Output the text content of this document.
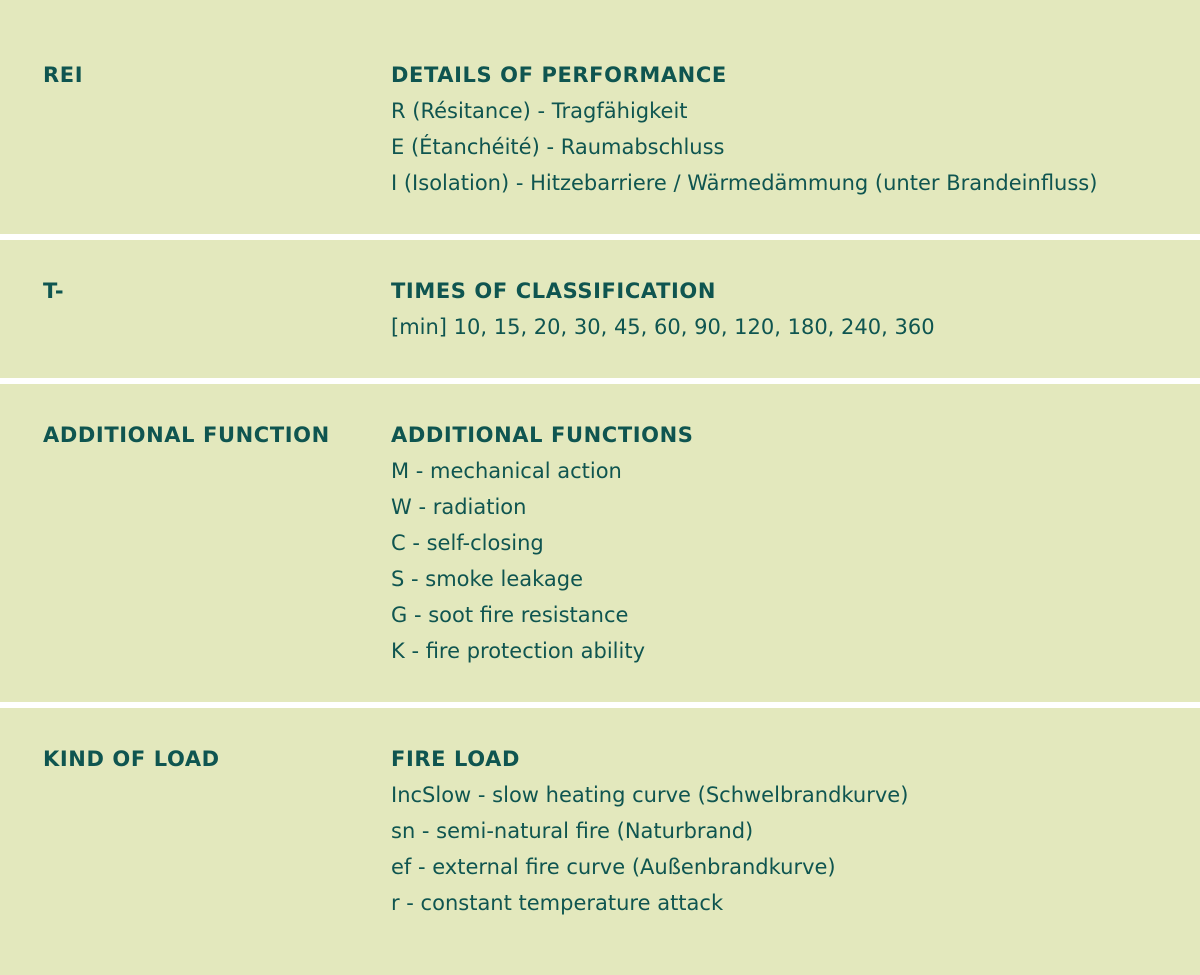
REI	DETAILS OF PERFORMANCE
R (Résitance) - Tragfähigkeit
E (Étanchéité) - Raumabschluss
I (Isolation) - Hitzebarriere / Wärmedämmung (unter Brandeinfluss)
T-	TIMES OF CLASSIFICATION
[min] 10, 15, 20, 30, 45, 60, 90, 120, 180, 240, 360
ADDITIONAL FUNCTION	ADDITIONAL FUNCTIONS
M - mechanical action
W - radiation
C - self-closing
S - smoke leakage
G - soot fire resistance
K - fire protection ability
KIND OF LOAD	FIRE LOAD
IncSlow - slow heating curve (Schwelbrandkurve)
sn - semi-natural fire (Naturbrand)
ef - external fire curve (Außenbrandkurve)
r - constant temperature attack
